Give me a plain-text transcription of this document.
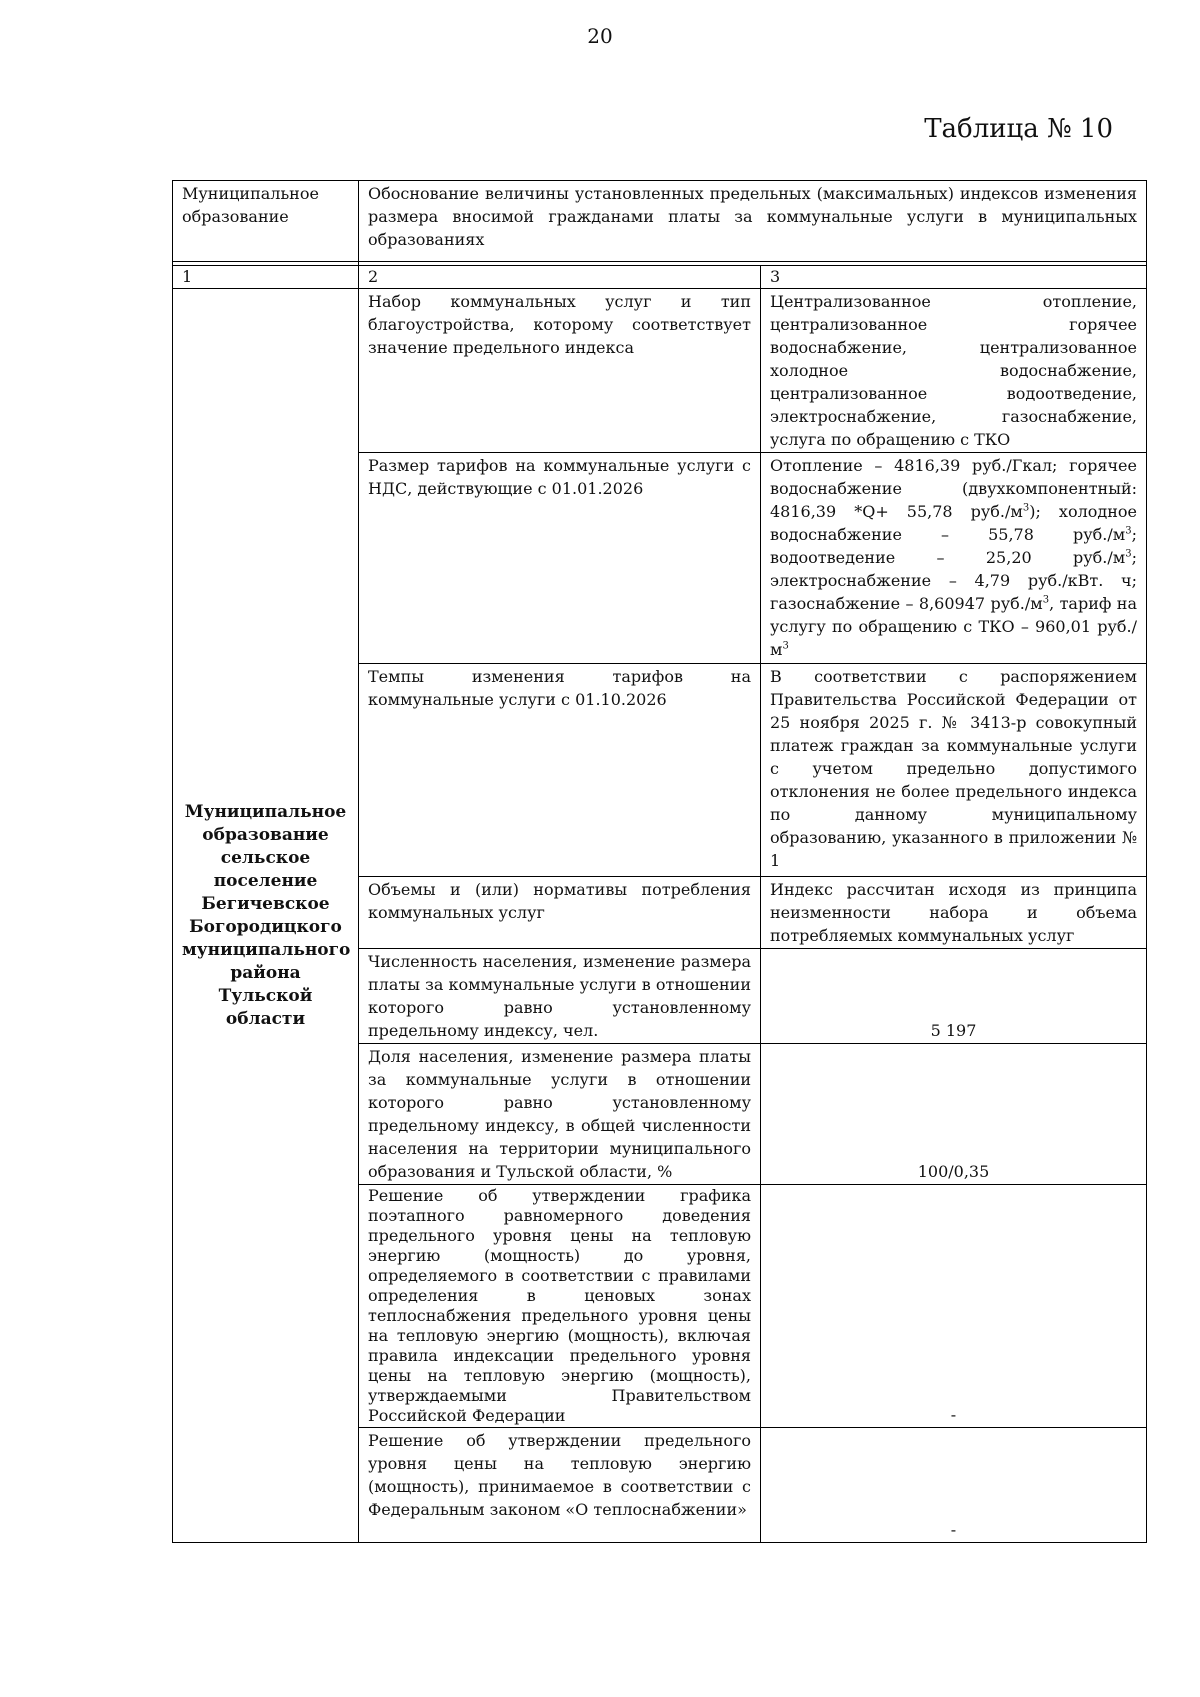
20
Таблица № 10
Муниципальное образование	Обоснование величины установленных предельных (максимальных) индексов изменения размера вносимой гражданами платы за коммунальные услуги в муниципальных образованиях	

1	2	3
Муниципальное образование сельское поселение Бегичевское Богородицкого муниципального района Тульской области	Набор коммунальных услуг и тип благоустройства, которому соответствует значение предельного индекса	Централизованное отопление, централизованное горячее водоснабжение, централизованное холодное водоснабжение, централизованное водоотведение, электроснабжение, газоснабжение, услуга по обращению с ТКО
	Размер тарифов на коммунальные услуги с НДС, действующие с 01.01.2026	Отопление – 4816,39 руб./Гкал; горячее водоснабжение (двухкомпонентный: 4816,39 *Q+ 55,78 $руб./м^3$); холодное водоснабжение – 55,78 $руб./м^3$; водоотведение – 25,20 $руб./м^3$; электроснабжение – 4,79 руб./кВт. ч; газоснабжение – 8,60947 $руб./м^3$, тариф на услугу по обращению с ТКО – 960,01 $руб./м^3$
	Темпы изменения тарифов на коммунальные услуги с 01.10.2026	В соответствии с распоряжением Правительства Российской Федерации от 25 ноября 2025 г. № 3413-р совокупный платеж граждан за коммунальные услуги с учетом предельно допустимого отклонения не более предельного индекса по данному муниципальному образованию, указанного в приложении № 1
	Объемы и (или) нормативы потребления коммунальных услуг	Индекс рассчитан исходя из принципа неизменности набора и объема потребляемых коммунальных услуг
	Численность населения, изменение размера платы за коммунальные услуги в отношении которого равно установленному предельному индексу, чел.	5 197
	Доля населения, изменение размера платы за коммунальные услуги в отношении которого равно установленному предельному индексу, в общей численности населения на территории муниципального образования и Тульской области, %	100/0,35
	Решение об утверждении графика поэтапного равномерного доведения предельного уровня цены на тепловую энергию (мощность) до уровня, определяемого в соответствии с правилами определения в ценовых зонах теплоснабжения предельного уровня цены на тепловую энергию (мощность), включая правила индексации предельного уровня цены на тепловую энергию (мощность), утверждаемыми Правительством Российской Федерации	-
	Решение об утверждении предельного уровня цены на тепловую энергию (мощность), принимаемое в соответствии с Федеральным законом «О теплоснабжении»	-
